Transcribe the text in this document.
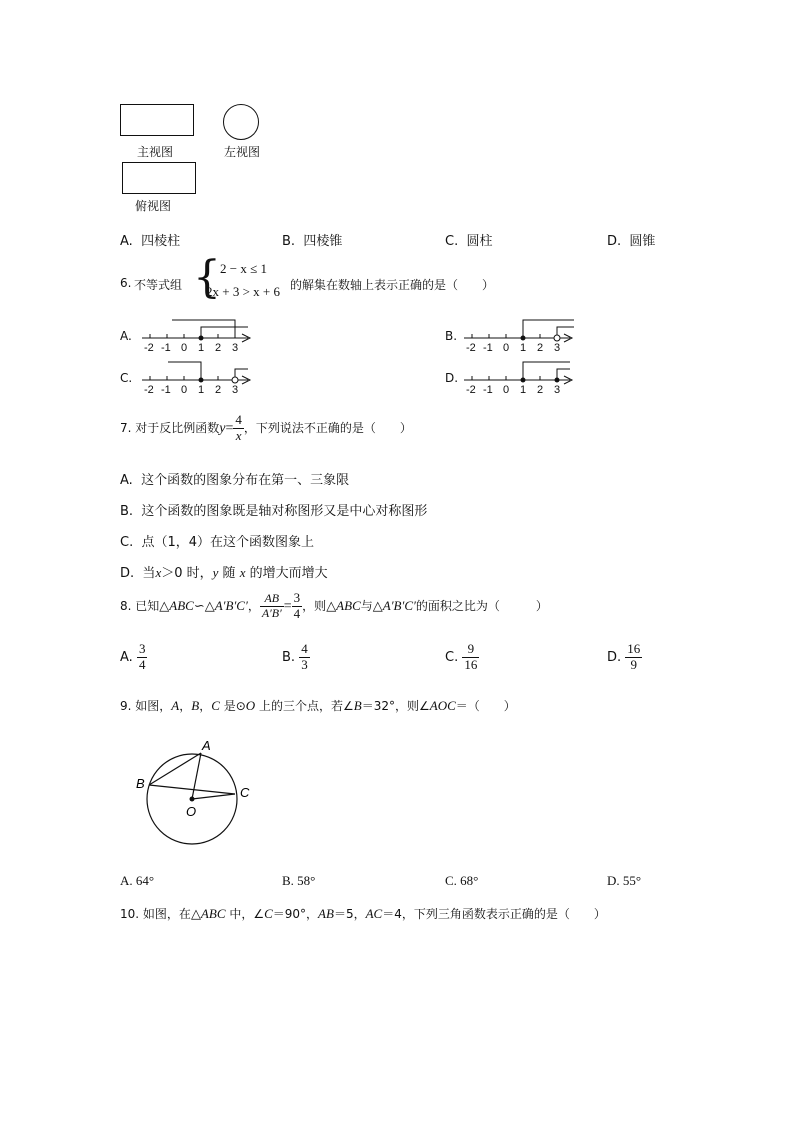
主视图	左视图
俯视图
A. 四棱柱	B. 四棱锥	C. 圆柱	D. 圆锥
6. 不等式组 { 2 − x ≤ 1
2x + 3 > x + 6 的解集在数轴上表示正确的是（　　）
A.
-2 -1 0 1 2 3
B.
-2 -1 0 1 2 3
C.
-2 -1 0 1 2 3
D.
-2 -1 0 1 2 3
7. 对于反比例函数$y= \frac{4}{x}$ ，下列说法不正确的是（　　）
A. 这个函数的图象分布在第一、三象限
B. 这个函数的图象既是轴对称图形又是中心对称图形
C. 点（1，4）在这个函数图象上
D. 当x＞0 时，y 随 x 的增大而增大
8. 已知△ABC∽△A′B′C′， $\frac{AB}{A'B'} = \frac{3}{4}$ ，则△ABC与△A′B′C′的面积之比为（　　　）
A. $\frac{3}{4}$	B. $\frac{4}{3}$	C. $\frac{9}{16}$	D. $\frac{16}{9}$
9. 如图，A，B，C 是⊙O 上的三个点，若∠B＝32°，则∠AOC＝（　　）
A
B
C
O
A. 64°	B. 58°	C. 68°	D. 55°
10. 如图，在△ABC 中，∠C＝90°，AB＝5，AC＝4，下列三角函数表示正确的是（　　）
